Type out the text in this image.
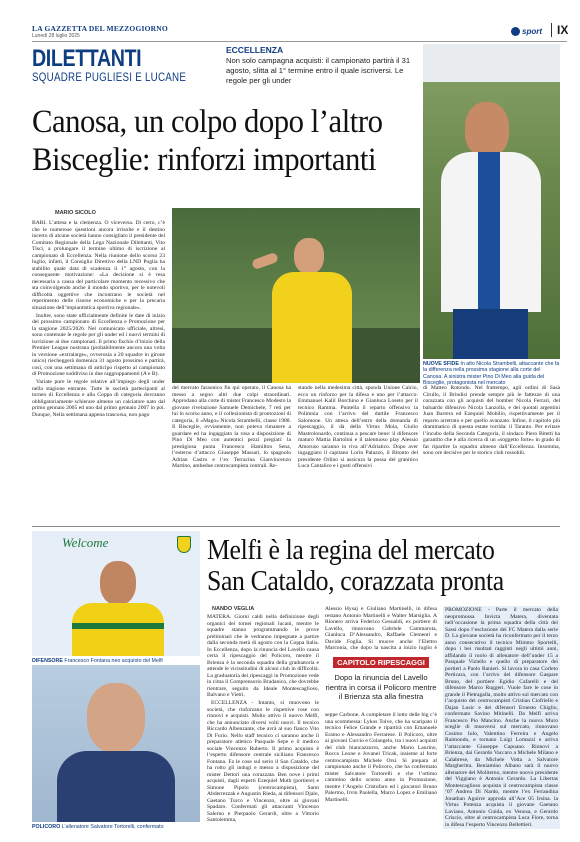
LA GAZZETTA DEL MEZZOGIORNO
Lunedì 28 luglio 2025
sport	IX
DILETTANTI
SQUADRE PUGLIESI E LUCANE
ECCELLENZA
Non solo campagna acquisti: il campionato partirà il 31 agosto, slitta al 1° termine entro il quale iscriversi. Le regole per gli under
Canosa, un colpo dopo l’altro
Bisceglie: rinforzi importanti
NUOVE SFIDE In alto Nicola Strambelli, attaccante che fa la differenza nella prossima stagione alla corte del Canosa. A sinistra mister Pino Di Meo alla guida del Bisceglie, protagonista nel mercato
MARIO SICOLO

BARI. L’attesa e la clemenza. O viceversa. Di certo, c’è che le numerose questioni ancora irrisolte e il destino incerto di alcune società hanno consigliato il presidente del Comitato Regionale della Lega Nazionale Dilettanti, Vito Tisci, a prolungare il termine ultimo di iscrizione al campionato di Eccellenza. Nella riunione dello scorso 23 luglio, infatti, il Consiglio Direttivo della LND Puglia ha stabilito quale data di scadenza il 1° agosto, con la conseguente motivazione: «La decisione si è resa necessaria a causa del particolare momento recessivo che sta coinvolgendo anche il mondo sportivo, per le notevoli difficoltà oggettive che incontrano le società nel reperimento delle risorse economiche e per la precaria situazione dell’impiantistica sportiva regionale».

Inoltre, sono state ufficialmente definite le date di inizio del prossimo campionato di Eccellenza e Promozione per la stagione 2025/2026. Nel comunicato ufficiale, altresì, sono contenute le regole per gli under ed i nuovi termini di iscrizione ai due campionati. Il primo fischio d’inizio della Premier League nostrana (probabilmente ancora una volta in versione «extralarge», ovverosia a 20 squadre in girone unico) riecheggerà domenica 31 agosto prossimo e partirà, così, con una settimana di anticipo rispetto al campionato di Promozione suddiviso in due raggruppamenti (A e B).

Variate pure le regole relative all’impiego degli under nella stagione entrante. Tutte le società partecipanti al torneo di Eccellenza e alla Coppa di categoria dovranno obbligatoriamente schierare almeno un calciatore nato dal primo gennaio 2005 ed uno dal primo gennaio 2007 in poi. Dunque, Nella settimana appena trascorsa, non pago

del mercato faraonico fin qui operato, il Canosa ha messo a segno altri due colpi straordinari. Approdano alla corte di mister Francesco Modesto la giovane rivelazione Samuele Demichele, 7 reti per lui lo scorso anno, e il collezionista di promozioni di categoria, il «Mago» Nicola Strambelli, classe 1988. Il Bisceglie, ovviamente, non poteva rimanere a guardare ed ha ingaggiato la rosa a disposizione di Pino Di Meo con autentici pezzi pregiati: la prestigiosa punta Francesco Hamilton Sena, l’esterno d’attacco Giuseppe Massari, lo spagnolo Adrian Castro e l’ex Terracina Gianvincenzo Martino, ambedue centrocampista centrali. Re-

stando nella medesima città, sponda Unione Calcio, ecco un rinforzo per la difesa e uno per l’attacco: Emmanuel Kalil Borchino e Gianluca Loseto per il tecnico Ramma. Puntella il reparto offensivo la Polimnia con l’arrivo del duttile Francesco Salomone. Un attesa dell’estro della domanda di ripescaggio, il dà della Virtus Mola, Giulio Mastrolonardo, continua a pescare bene: il difensore maturo Mattia Bartolini e il talentuoso play Alessio Amoruso saranno in riva all’Adriatico. Dopo aver ingaggiato il capitano Lorin Palazzo, il Bitonto del presidente Orlino si assicura la possa del granitico Luca Cantalice e i gusti offensivi

di Matteo Rotondo. Nel frattempo, agli ordini di Sasà Cirullo, il Brindisi prende sempre più le fattezze di una corazzata con gli acquisti del bomber Nicola Ferrari, del baluardo difensivo Nicola Lanzolla, e dei quotati argentini Juan Barrera ed Ezequiel Mobilio, rispettivamente per il reparto arretrato e per quello avanzato. Infine, il capitolo più drammatico di questa estate torrida: il Taranto. Per evitare l’incubo della Seconda Categoria, il sindaco Piero Bitetti ha garantito che è alla ricerca di un «soggetto forte» in grado di far ripartire la squadra almeno dall’Eccellenza. Insomma, sono ore decisive per le storico club rossoblù.

Welcome
DIFENSORE Francesco Fontana neo acquisto del Melfi
POLICORO L’allenatore Salvatore Tortorelli, confermato
Melfi è la regina del mercato
San Cataldo, corazzata pronta
NANDO VEGLIA

MATERA. Giorni caldi nella definizione degli organici dei tornei regionali lucani, mentre le squadre stanno programmando le prove preliminari che le vedranno impegnate a partire dalla seconda metà di agosto con la Coppa Italia. In Eccellenza, dopo la rinuncia del Lavello causa certa il ripescaggio del Policoro, mentre il Brienza è la seconda squadra della graduatoria e attende le vicissitudini di alcuni club in difficoltà. La graduatoria dei ripescaggi in Promozione vede in cima il Comprensorio Bradanico, che dovrebbe rientrare, seguito da Ideale Montescaglioso, Balvano e Vietri.

ECCELLENZA - Intanto, si muovono le società, che rinforzano le rispettive rose con rinnovi e acquisti. Molto attivo il nuovo Melfi, che ha annunciato diversi volti nuovi. Il tecnico Riccardo Albenzante, che avrà al suo fianco Vito Di Furio. Nello staff tecnico ci saranno anche il preparatore atletico Pasquale Sepe e il medico sociale Vincenzo Ruberto. Il primo acquisto è l’esperto difensore centrale siciliano Francesco Fontana. Fa le cose sul serio il San Cataldo, che ha rotto gli indugi e messo a disposizione del mister Dettori una corazzata. Ben nove i primi acquisti, dagli esperti Ezequiel Muth (portiere) e Simone Pipolo (centrocampista), Sami Abderrezzak e Augustin Rieda, ai difensori Djalo, Gaetano Turco e Vincenzo, oltre ai giovani Spadaro. Confermati gli attaccanti Vincenzo Salerno e Pierpaolo Gerardi, oltre a Vittorio Santoiemma,

Alessio Hysaj e Giuliano Martinelli, in difesa restano Antonio Martinelli e Walter Marsiglia. A Rionero arriva Federico Gesualdi, ex portiere di Lavello, rinnovano Gabriele Cammarota, Gianluca D’Alessandro, Raffaele Clementi e Davide Foglia. Si muove anche l’Elettro Marconia, che dopo la nascita a inizio luglio è

CAPITOLO RIPESCAGGI
Dopo la rinuncia del Lavello rientra in corsa il Policoro mentre il Brienza sta alla finestra

seppe Carbone. A completare il lotto delle big c’è una scommessa: Lykos Tolve, che ha scaripato il tecnico Felice Grande e ripartirà con Emanuele Eramo e Alessandro Ferrarese. Il Policoro, oltre ai giovani Curcio e Colangelo, tra i nuovi acquisti del club biancazzurro, anche Mario Laurino, Rocco Leone e Jovanel Tricak, insieme al forte centrocampista Michele Orsi. Si prepara al campionato anche il Policoro, che ha confermato mister Salvatore Tortorelli e che l’ottimo cammino dello scorso anno in Promozione, mentre l’Angelo Cristofaro ed i giocatori Bruno Palermo, Irvin Paolella, Marco Lopez e Emiliano Martinelli.

PROMOZIONE - Parte il mercato della neopromossa Invicta Matera, diventata nell’occasione la prima squadra della città dei Sassi dopo l’esclusione del FC Matera dalla serie D. La giovane società ha riconfermato per il terzo anno consecutivo il tecnico Mimmo Sportelli, dopo i bei risultati ragginti negli ultimi anni, affidando il ruolo di allenatore dell’under 15 a Pasquale Viziello e quello di preparatore dei portieri a Paolo Ranieri. Si lavora in casa Corleto Perticara, con l’arrivo del difensore Gaspare Bruno, del portiere Egidio Cafarelli e del difensore Marco Ruggeri. Vuole fare le cose in grande il Pietragalla, molto attivo sul mercato con l’acquisto dei centrocampisti Cristian Ciofriello e Dajan Lusic e dei difensori Ernesto Chiglio, confermato Savino Mitinelli. Da Melfi arriva Francesco Pio Mancino. Anche la nuova Muro sceglie di muoversi sul mercato, rinnovano Cosimo Iulo, Valentino Ferreira e Angelo Raimondo, e tornano Luigi Lomazzi e arriva l’attaccante Giuseppe Capuano. Rinnovi a Brienza, dai Gerardo Vaccaro a Michele Milano e Calabrese, da Michele Votta a Salvatore Margheritta. Beniamino Albano sarà il nuovo allenatore del Moliterno, mentre nuovo presidente del Viggiano è Antonio Gerardo. La Libertas Montescaglioso acquista il centrocampista classe ‘07 Andrea Di Nardo, mentre l’ex Ferrandina Jonathan Aguirre approda all’Ace 05 Irsina. la Virtus Potenza acquista il giovane Gaetano Laviano, Antonio Guida, ex Venosa, e Gerardo Criscio, oltre al centrocampista Luca Fiore, torna in difesa l’esperto Vincenzo Bellettieri.
